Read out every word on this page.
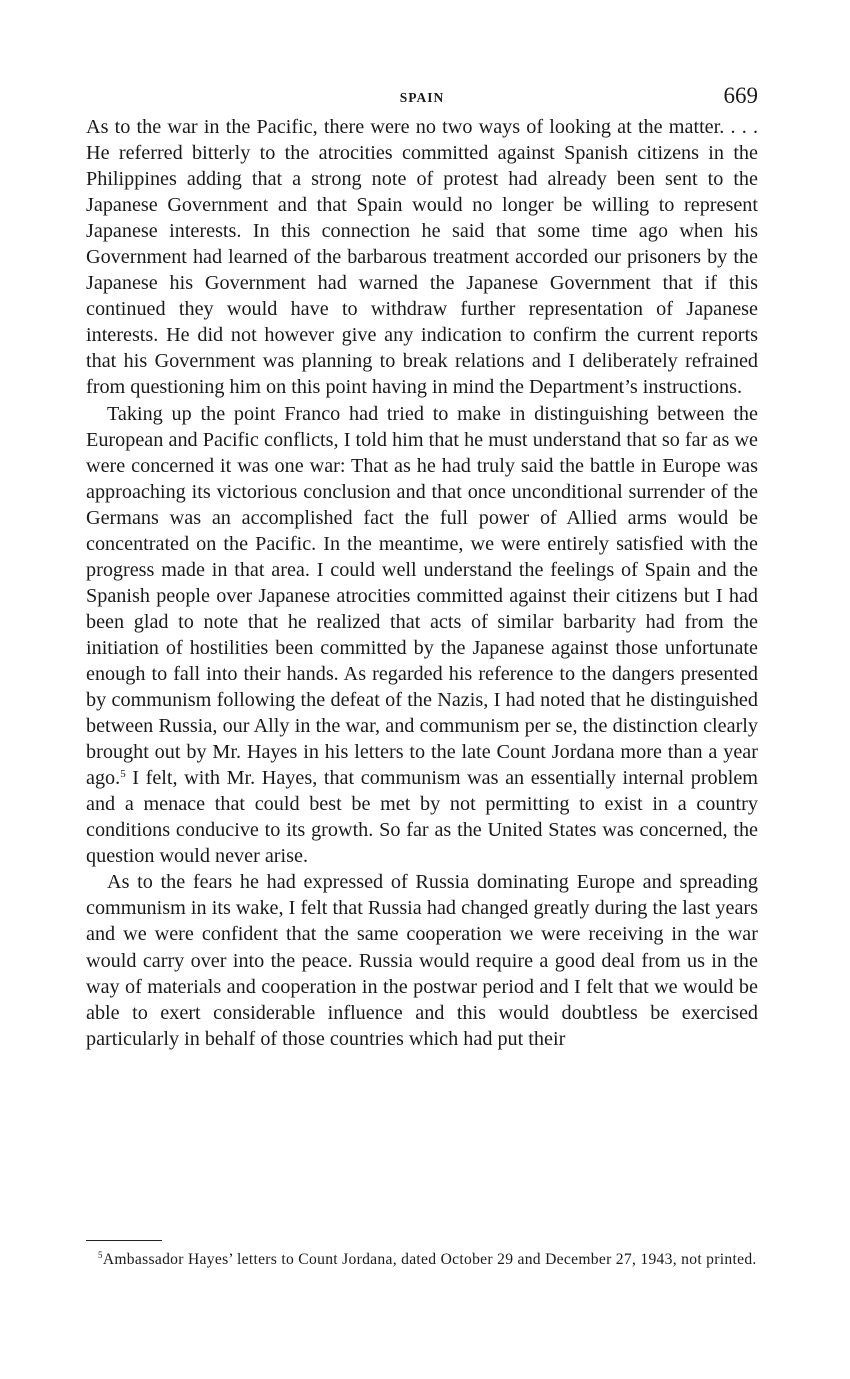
SPAIN	669

As to the war in the Pacific, there were no two ways of looking at the matter. . . . He referred bitterly to the atrocities committed against Spanish citizens in the Philippines adding that a strong note of protest had already been sent to the Japanese Government and that Spain would no longer be willing to represent Japanese interests. In this connection he said that some time ago when his Government had learned of the barbarous treatment accorded our prisoners by the Japanese his Government had warned the Japanese Government that if this continued they would have to withdraw further representation of Japanese interests. He did not however give any indication to confirm the current reports that his Government was planning to break relations and I deliberately refrained from questioning him on this point having in mind the Department’s instructions.

Taking up the point Franco had tried to make in distinguishing between the European and Pacific conflicts, I told him that he must understand that so far as we were concerned it was one war: That as he had truly said the battle in Europe was approaching its victorious conclusion and that once unconditional surrender of the Germans was an accomplished fact the full power of Allied arms would be concentrated on the Pacific. In the meantime, we were entirely satisfied with the progress made in that area. I could well understand the feelings of Spain and the Spanish people over Japanese atrocities committed against their citizens but I had been glad to note that he realized that acts of similar barbarity had from the initiation of hostilities been committed by the Japanese against those unfortunate enough to fall into their hands. As regarded his reference to the dangers presented by communism following the defeat of the Nazis, I had noted that he distinguished between Russia, our Ally in the war, and communism per se, the distinction clearly brought out by Mr. Hayes in his letters to the late Count Jordana more than a year ago.$^5$ I felt, with Mr. Hayes, that communism was an essentially internal problem and a menace that could best be met by not permitting to exist in a country conditions conducive to its growth. So far as the United States was concerned, the question would never arise.

As to the fears he had expressed of Russia dominating Europe and spreading communism in its wake, I felt that Russia had changed greatly during the last years and we were confident that the same cooperation we were receiving in the war would carry over into the peace. Russia would require a good deal from us in the way of materials and cooperation in the postwar period and I felt that we would be able to exert considerable influence and this would doubtless be exercised particularly in behalf of those countries which had put their

$^5$Ambassador Hayes’ letters to Count Jordana, dated October 29 and December 27, 1943, not printed.
